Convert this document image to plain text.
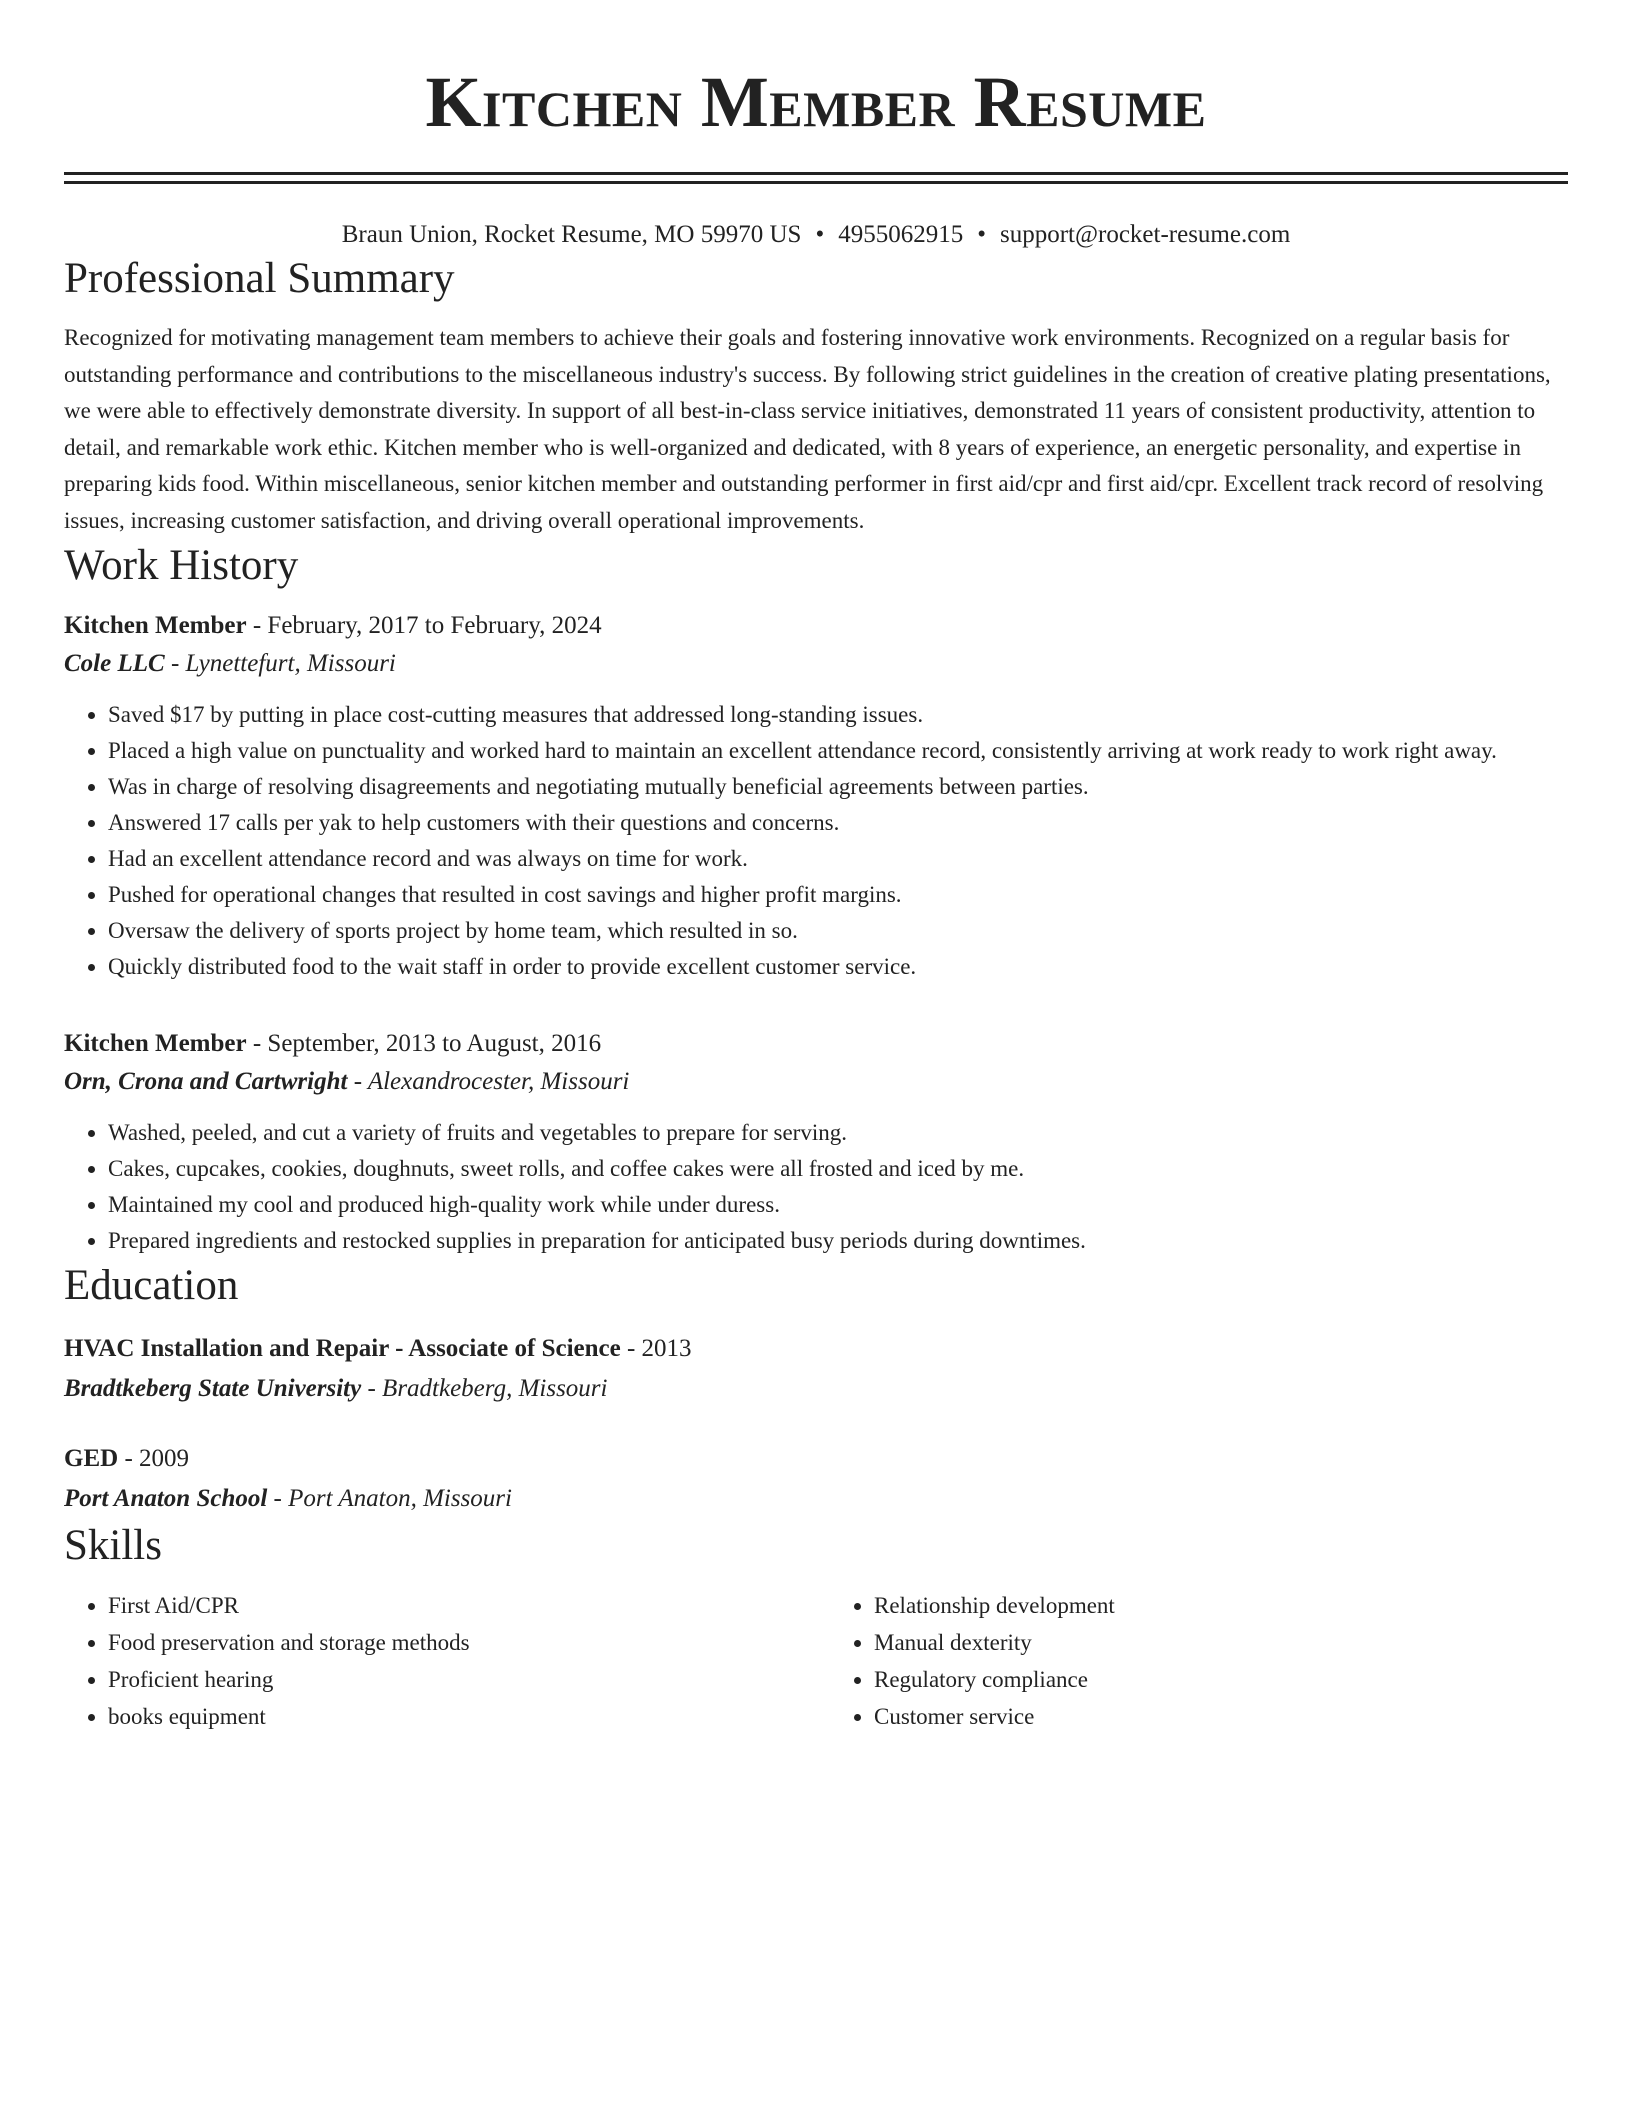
Kitchen Member Resume
Braun Union, Rocket Resume, MO 59970 US • 4955062915 • support@rocket-resume.com
Professional Summary
Recognized for motivating management team members to achieve their goals and fostering innovative work environments. Recognized on a regular basis for outstanding performance and contributions to the miscellaneous industry's success. By following strict guidelines in the creation of creative plating presentations, we were able to effectively demonstrate diversity. In support of all best-in-class service initiatives, demonstrated 11 years of consistent productivity, attention to detail, and remarkable work ethic. Kitchen member who is well-organized and dedicated, with 8 years of experience, an energetic personality, and expertise in preparing kids food. Within miscellaneous, senior kitchen member and outstanding performer in first aid/cpr and first aid/cpr. Excellent track record of resolving issues, increasing customer satisfaction, and driving overall operational improvements.
Work History
Kitchen Member - February, 2017 to February, 2024
Cole LLC - Lynettefurt, Missouri
• Saved $17 by putting in place cost-cutting measures that addressed long-standing issues.
• Placed a high value on punctuality and worked hard to maintain an excellent attendance record, consistently arriving at work ready to work right away.
• Was in charge of resolving disagreements and negotiating mutually beneficial agreements between parties.
• Answered 17 calls per yak to help customers with their questions and concerns.
• Had an excellent attendance record and was always on time for work.
• Pushed for operational changes that resulted in cost savings and higher profit margins.
• Oversaw the delivery of sports project by home team, which resulted in so.
• Quickly distributed food to the wait staff in order to provide excellent customer service.
Kitchen Member - September, 2013 to August, 2016
Orn, Crona and Cartwright - Alexandrocester, Missouri
• Washed, peeled, and cut a variety of fruits and vegetables to prepare for serving.
• Cakes, cupcakes, cookies, doughnuts, sweet rolls, and coffee cakes were all frosted and iced by me.
• Maintained my cool and produced high-quality work while under duress.
• Prepared ingredients and restocked supplies in preparation for anticipated busy periods during downtimes.
Education
HVAC Installation and Repair - Associate of Science - 2013
Bradtkeberg State University - Bradtkeberg, Missouri
GED - 2009
Port Anaton School - Port Anaton, Missouri
Skills
• First Aid/CPR
• Food preservation and storage methods
• Proficient hearing
• books equipment
• Relationship development
• Manual dexterity
• Regulatory compliance
• Customer service
